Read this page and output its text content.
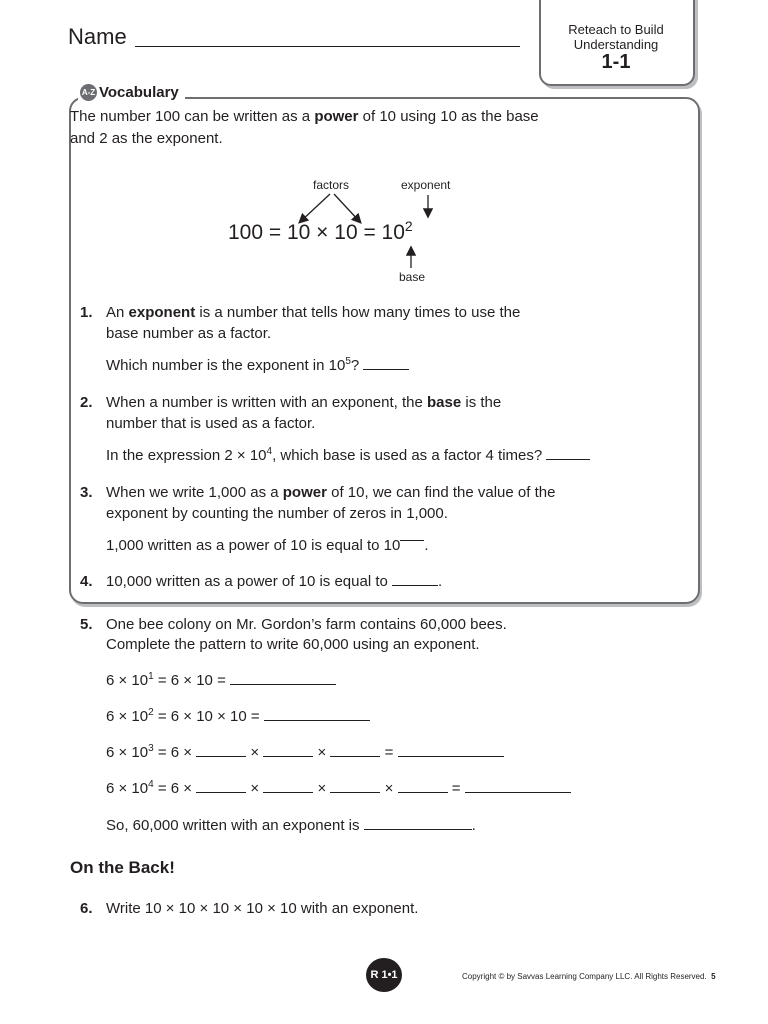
Name	Reteach to Build
Understanding
1-1
A-Z Vocabulary
The number 100 can be written as a power of 10 using 10 as the base
and 2 as the exponent.
factors	exponent
$100 = 10 \times 10 = 10^2$
base
1. An exponent is a number that tells how many times to use the
base number as a factor.
Which number is the exponent in $10^5$?
2. When a number is written with an exponent, the base is the
number that is used as a factor.
In the expression $2 \times 10^4$, which base is used as a factor 4 times?
3. When we write 1,000 as a power of 10, we can find the value of the
exponent by counting the number of zeros in 1,000.
1,000 written as a power of 10 is equal to 10 .
4. 10,000 written as a power of 10 is equal to	.
5. One bee colony on Mr. Gordon’s farm contains 60,000 bees.
Complete the pattern to write 60,000 using an exponent.
$6 \times 10^1 = 6 \times 10$ =
$6 \times 10^2 = 6 \times 10 \times 10$ =
$6 \times 10^3 = 6$ ×	×	×	=
$6 \times 10^4 = 6$ ×	×	×	×	=
So, 60,000 written with an exponent is	.
On the Back!
6. Write 10 × 10 × 10 × 10 × 10 with an exponent.
R 1•1	Copyright © by Savvas Learning Company LLC. All Rights Reserved. 5
